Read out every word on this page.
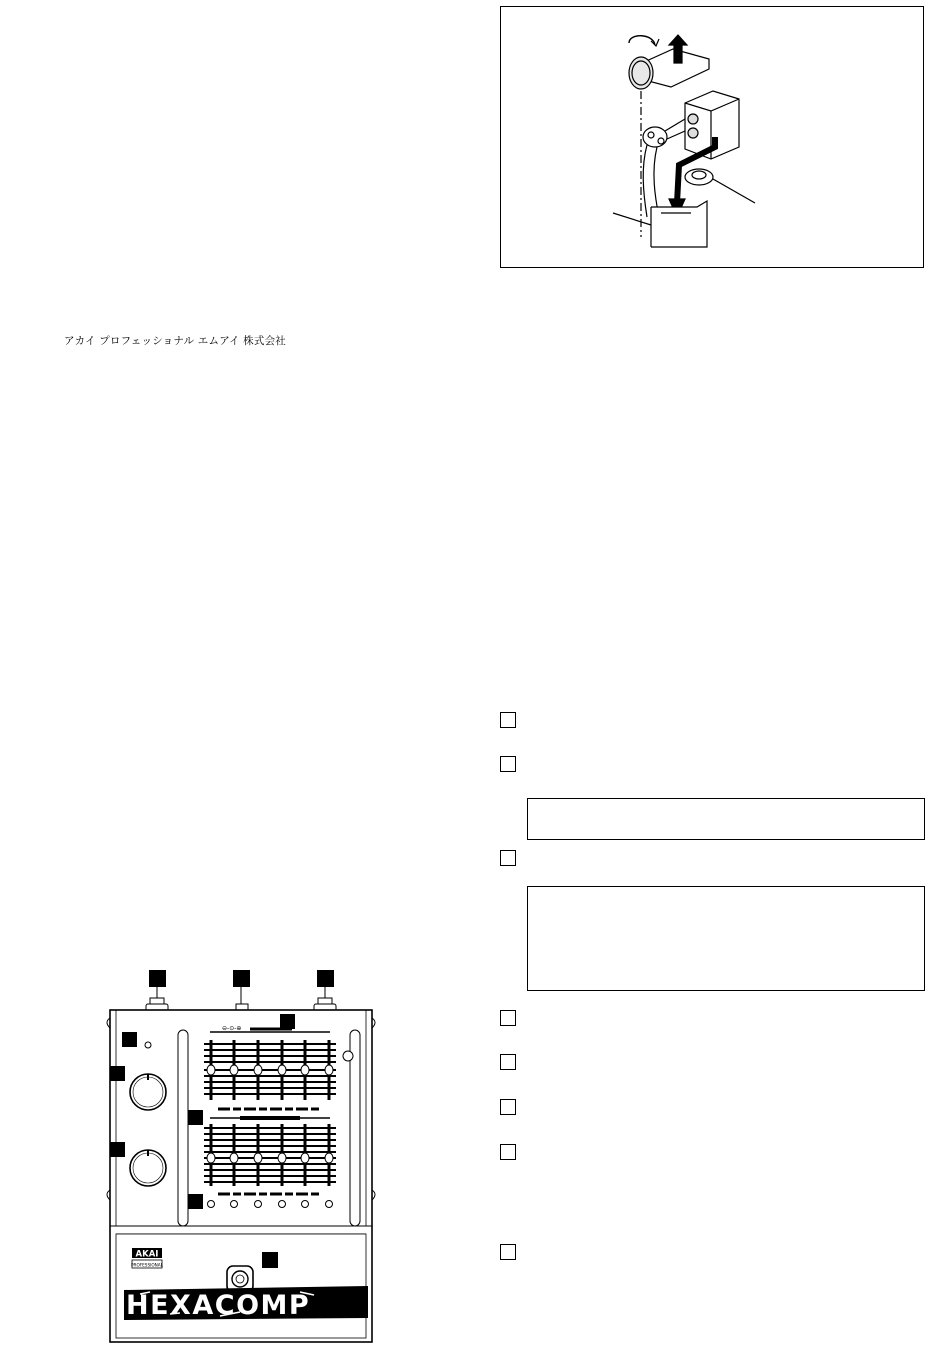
アカイ プロフェッショナル エムアイ 株式会社
⊖-⊙-⊕
AKAI
PROFESSIONAL
HEXACOMP
